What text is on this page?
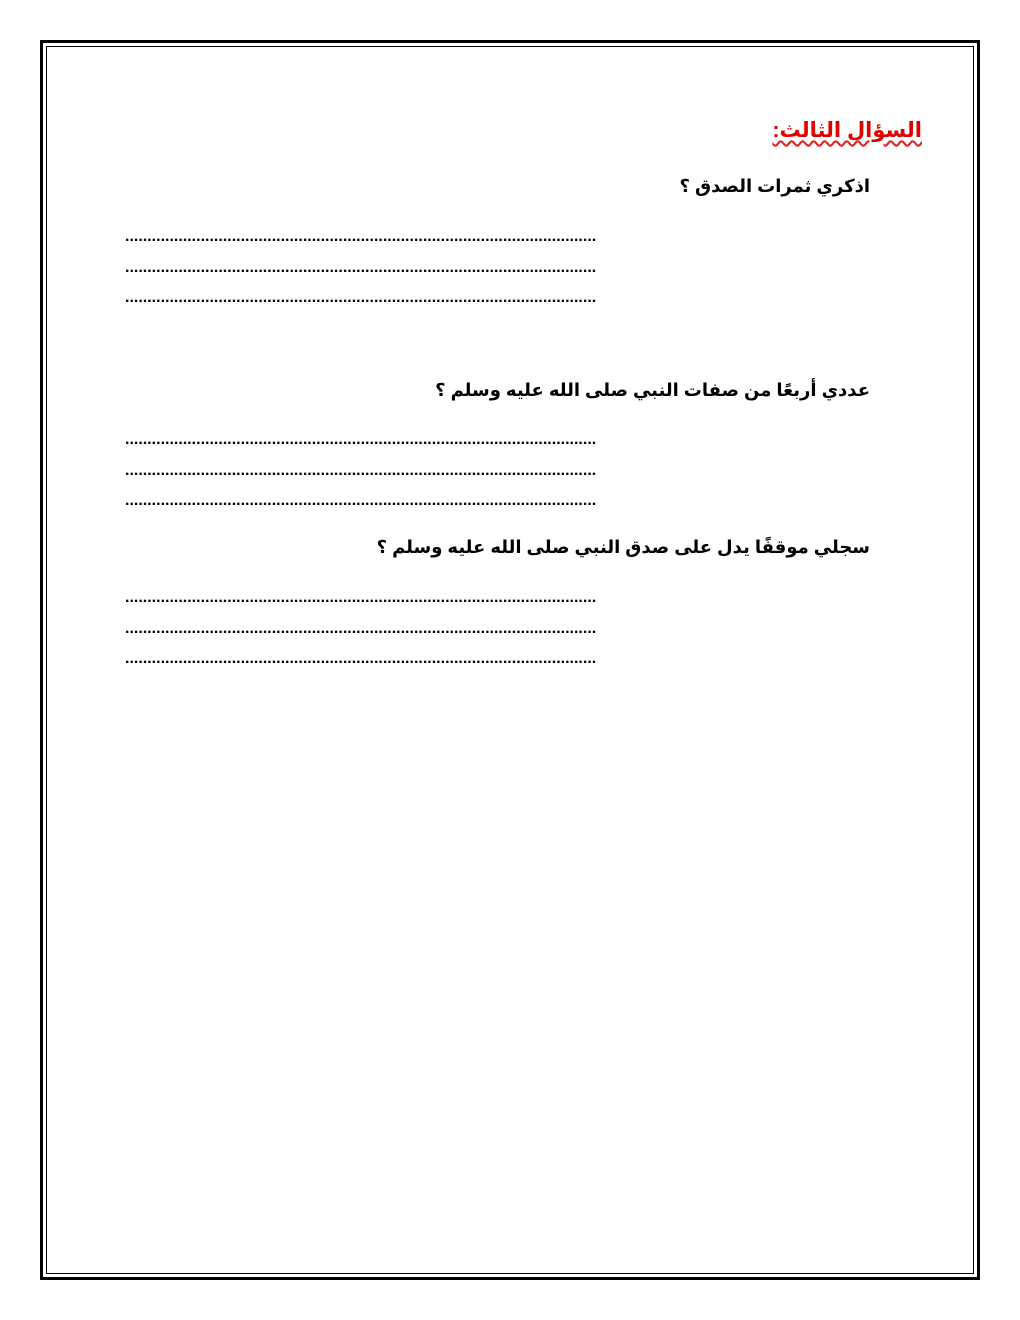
السؤال الثالث:
اذكري ثمرات الصدق ؟
..........................................................................................................
..........................................................................................................
..........................................................................................................
عددي أربعًا من صفات النبي صلى الله عليه وسلم ؟
..........................................................................................................
..........................................................................................................
..........................................................................................................
سجلي موقفًا يدل على صدق النبي صلى الله عليه وسلم ؟
..........................................................................................................
..........................................................................................................
..........................................................................................................
